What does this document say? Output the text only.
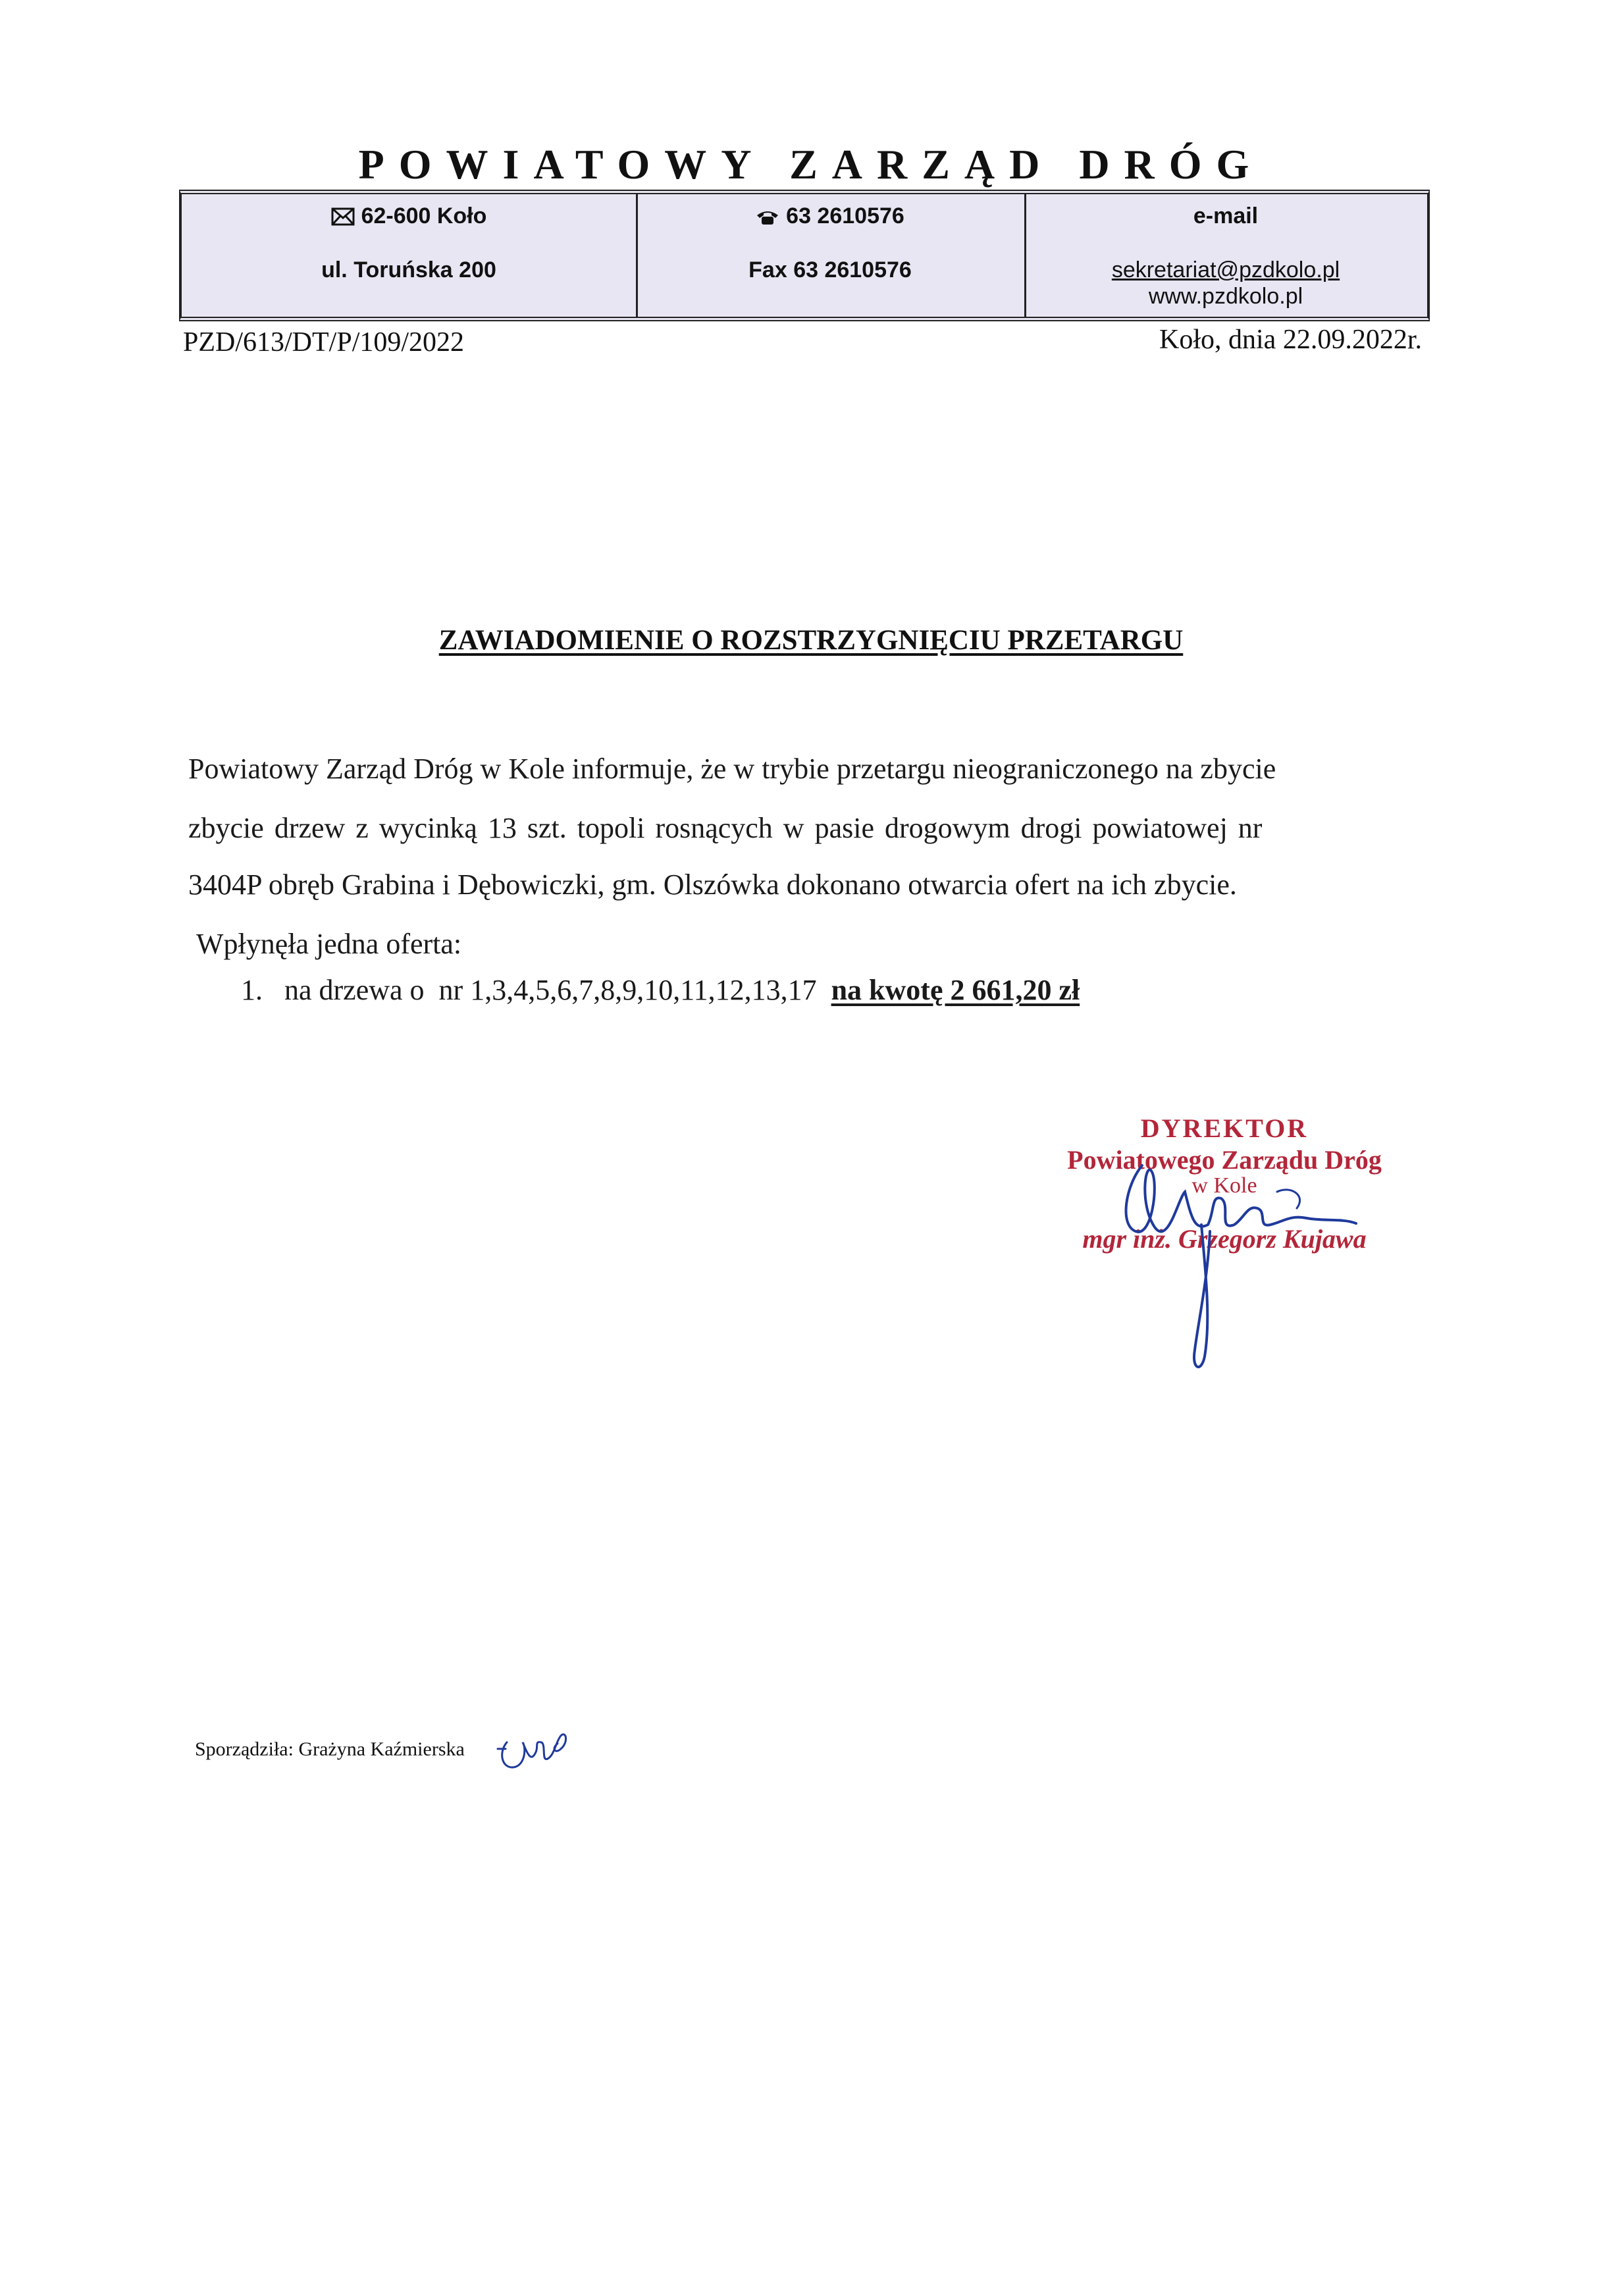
POWIATOWY ZARZĄD DRÓG
62-600 Koło
ul. Toruńska 200
63 2610576
Fax 63 2610576
e-mail
sekretariat@pzdkolo.pl
www.pzdkolo.pl
PZD/613/DT/P/109/2022	Koło, dnia 22.09.2022r.
ZAWIADOMIENIE O ROZSTRZYGNIĘCIU PRZETARGU
Powiatowy Zarząd Dróg w Kole informuje, że w trybie przetargu nieograniczonego na zbycie
zbycie drzew z wycinką 13 szt. topoli rosnących w pasie drogowym drogi powiatowej nr
3404P obręb Grabina i Dębowiczki, gm. Olszówka dokonano otwarcia ofert na ich zbycie.
Wpłynęła jedna oferta:
1. na drzewa o  nr 1,3,4,5,6,7,8,9,10,11,12,13,17  na kwotę 2 661,20 zł
DYREKTOR
Powiatowego Zarządu Dróg
w Kole
mgr inż. Grzegorz Kujawa
Sporządziła: Grażyna Kaźmierska
